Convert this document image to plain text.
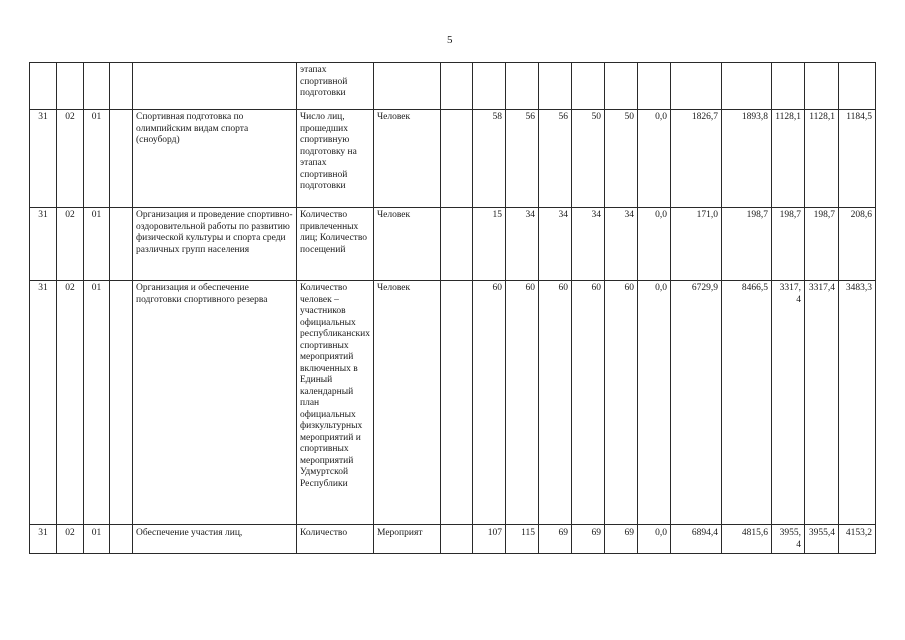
5
					этапах спортивной подготовки													
31	02	01		Спортивная подготовка по олимпийским видам спорта (сноуборд)	Число лиц, прошедших спортивную подготовку на этапах спортивной подготовки	Человек		58	56	56	50	50	0,0	1826,7	1893,8	1128,1	1128,1	1184,5
31	02	01		Организация и проведение спортивно-оздоровительной работы по развитию физической культуры и спорта среди различных групп населения	Количество привлеченных лиц; Количество посещений	Человек		15	34	34	34	34	0,0	171,0	198,7	198,7	198,7	208,6
31	02	01		Организация и обеспечение подготовки спортивного резерва	Количество человек – участников официальных республиканских спортивных мероприятий включенных в Единый календарный план официальных физкультурных мероприятий и спортивных мероприятий Удмуртской Республики	Человек		60	60	60	60	60	0,0	6729,9	8466,5	3317,4	3317,4	3483,3
31	02	01		Обеспечение участия лиц,	Количество	Мероприят		107	115	69	69	69	0,0	6894,4	4815,6	3955,4	3955,4	4153,2
